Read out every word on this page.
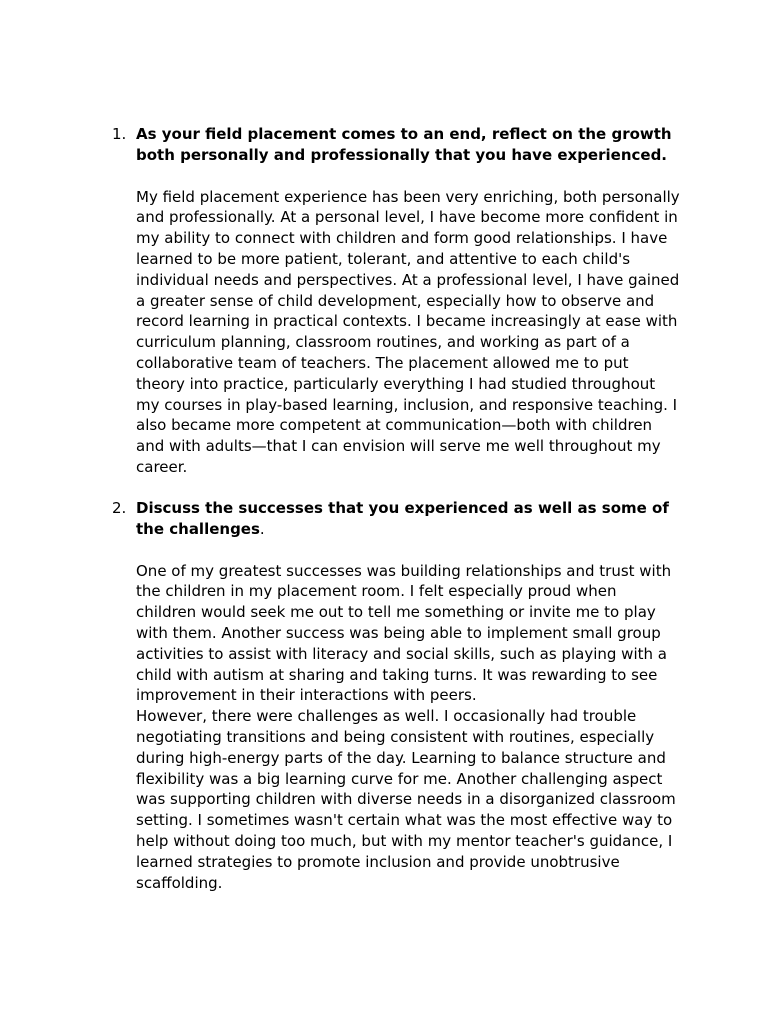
1. As your field placement comes to an end, reflect on the growth both personally and professionally that you have experienced.

My field placement experience has been very enriching, both personally and professionally. At a personal level, I have become more confident in my ability to connect with children and form good relationships. I have learned to be more patient, tolerant, and attentive to each child's individual needs and perspectives. At a professional level, I have gained a greater sense of child development, especially how to observe and record learning in practical contexts. I became increasingly at ease with curriculum planning, classroom routines, and working as part of a collaborative team of teachers. The placement allowed me to put theory into practice, particularly everything I had studied throughout my courses in play-based learning, inclusion, and responsive teaching. I also became more competent at communication—both with children and with adults—that I can envision will serve me well throughout my career.

2. Discuss the successes that you experienced as well as some of the challenges.

One of my greatest successes was building relationships and trust with the children in my placement room. I felt especially proud when children would seek me out to tell me something or invite me to play with them. Another success was being able to implement small group activities to assist with literacy and social skills, such as playing with a child with autism at sharing and taking turns. It was rewarding to see improvement in their interactions with peers.

However, there were challenges as well. I occasionally had trouble negotiating transitions and being consistent with routines, especially during high-energy parts of the day. Learning to balance structure and flexibility was a big learning curve for me. Another challenging aspect was supporting children with diverse needs in a disorganized classroom setting. I sometimes wasn't certain what was the most effective way to help without doing too much, but with my mentor teacher's guidance, I learned strategies to promote inclusion and provide unobtrusive scaffolding.
